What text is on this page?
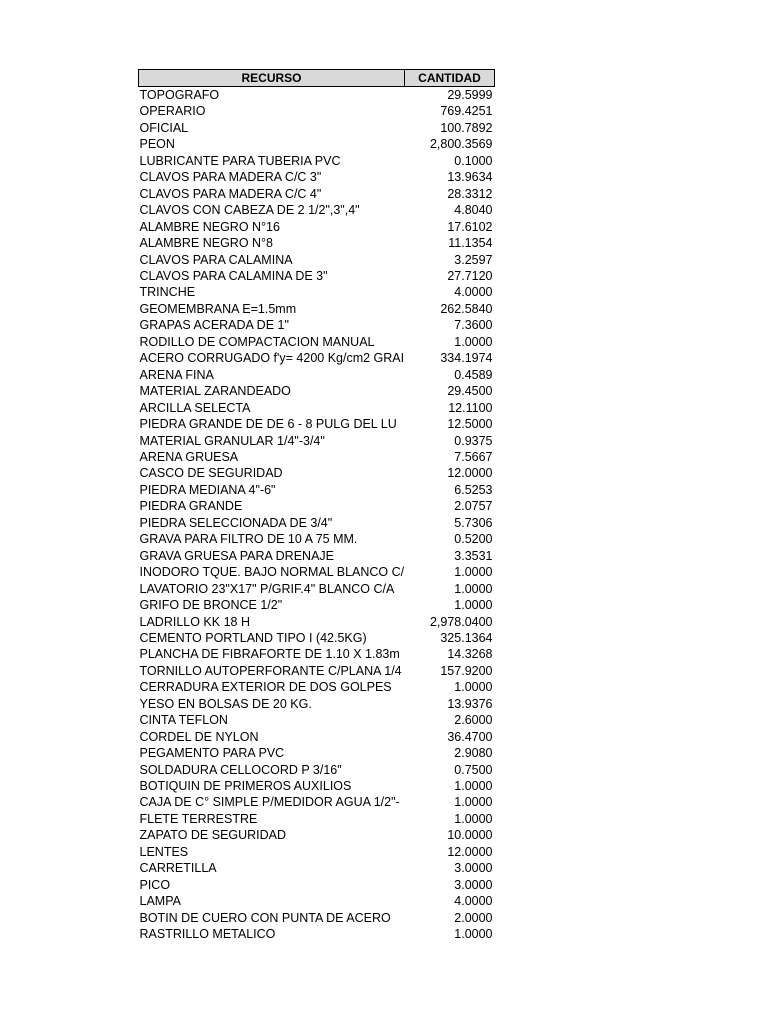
RECURSO	CANTIDAD
TOPOGRAFO	29.5999
OPERARIO	769.4251
OFICIAL	100.7892
PEON	2,800.3569
LUBRICANTE PARA TUBERIA PVC	0.1000
CLAVOS PARA MADERA C/C 3"	13.9634
CLAVOS PARA MADERA C/C 4"	28.3312
CLAVOS CON CABEZA DE 2 1/2",3",4"	4.8040
ALAMBRE NEGRO N°16	17.6102
ALAMBRE NEGRO N°8	11.1354
CLAVOS PARA CALAMINA	3.2597
CLAVOS PARA CALAMINA DE 3"	27.7120
TRINCHE	4.0000
GEOMEMBRANA E=1.5mm	262.5840
GRAPAS ACERADA DE 1"	7.3600
RODILLO DE COMPACTACION MANUAL	1.0000
ACERO CORRUGADO f'y= 4200 Kg/cm2 GRAI	334.1974
ARENA FINA	0.4589
MATERIAL ZARANDEADO	29.4500
ARCILLA SELECTA	12.1100
PIEDRA GRANDE DE DE 6 - 8 PULG DEL LU	12.5000
MATERIAL GRANULAR 1/4"-3/4"	0.9375
ARENA GRUESA	7.5667
CASCO DE SEGURIDAD	12.0000
PIEDRA MEDIANA 4"-6"	6.5253
PIEDRA GRANDE	2.0757
PIEDRA SELECCIONADA DE 3/4"	5.7306
GRAVA PARA FILTRO DE 10 A 75 MM.	0.5200
GRAVA GRUESA PARA DRENAJE	3.3531
INODORO TQUE. BAJO NORMAL BLANCO C/	1.0000
LAVATORIO 23"X17" P/GRIF.4" BLANCO C/A	1.0000
GRIFO DE BRONCE 1/2"	1.0000
LADRILLO KK 18 H	2,978.0400
CEMENTO PORTLAND TIPO I (42.5KG)	325.1364
PLANCHA DE FIBRAFORTE DE 1.10 X 1.83m	14.3268
TORNILLO AUTOPERFORANTE C/PLANA 1/4	157.9200
CERRADURA EXTERIOR DE DOS GOLPES	1.0000
YESO EN BOLSAS DE 20 KG.	13.9376
CINTA TEFLON	2.6000
CORDEL DE NYLON	36.4700
PEGAMENTO PARA PVC	2.9080
SOLDADURA CELLOCORD P 3/16"	0.7500
BOTIQUIN DE PRIMEROS AUXILIOS	1.0000
CAJA DE C° SIMPLE P/MEDIDOR AGUA 1/2"-	1.0000
FLETE TERRESTRE	1.0000
ZAPATO DE SEGURIDAD	10.0000
LENTES	12.0000
CARRETILLA	3.0000
PICO	3.0000
LAMPA	4.0000
BOTIN DE CUERO CON PUNTA DE ACERO	2.0000
RASTRILLO METALICO	1.0000
